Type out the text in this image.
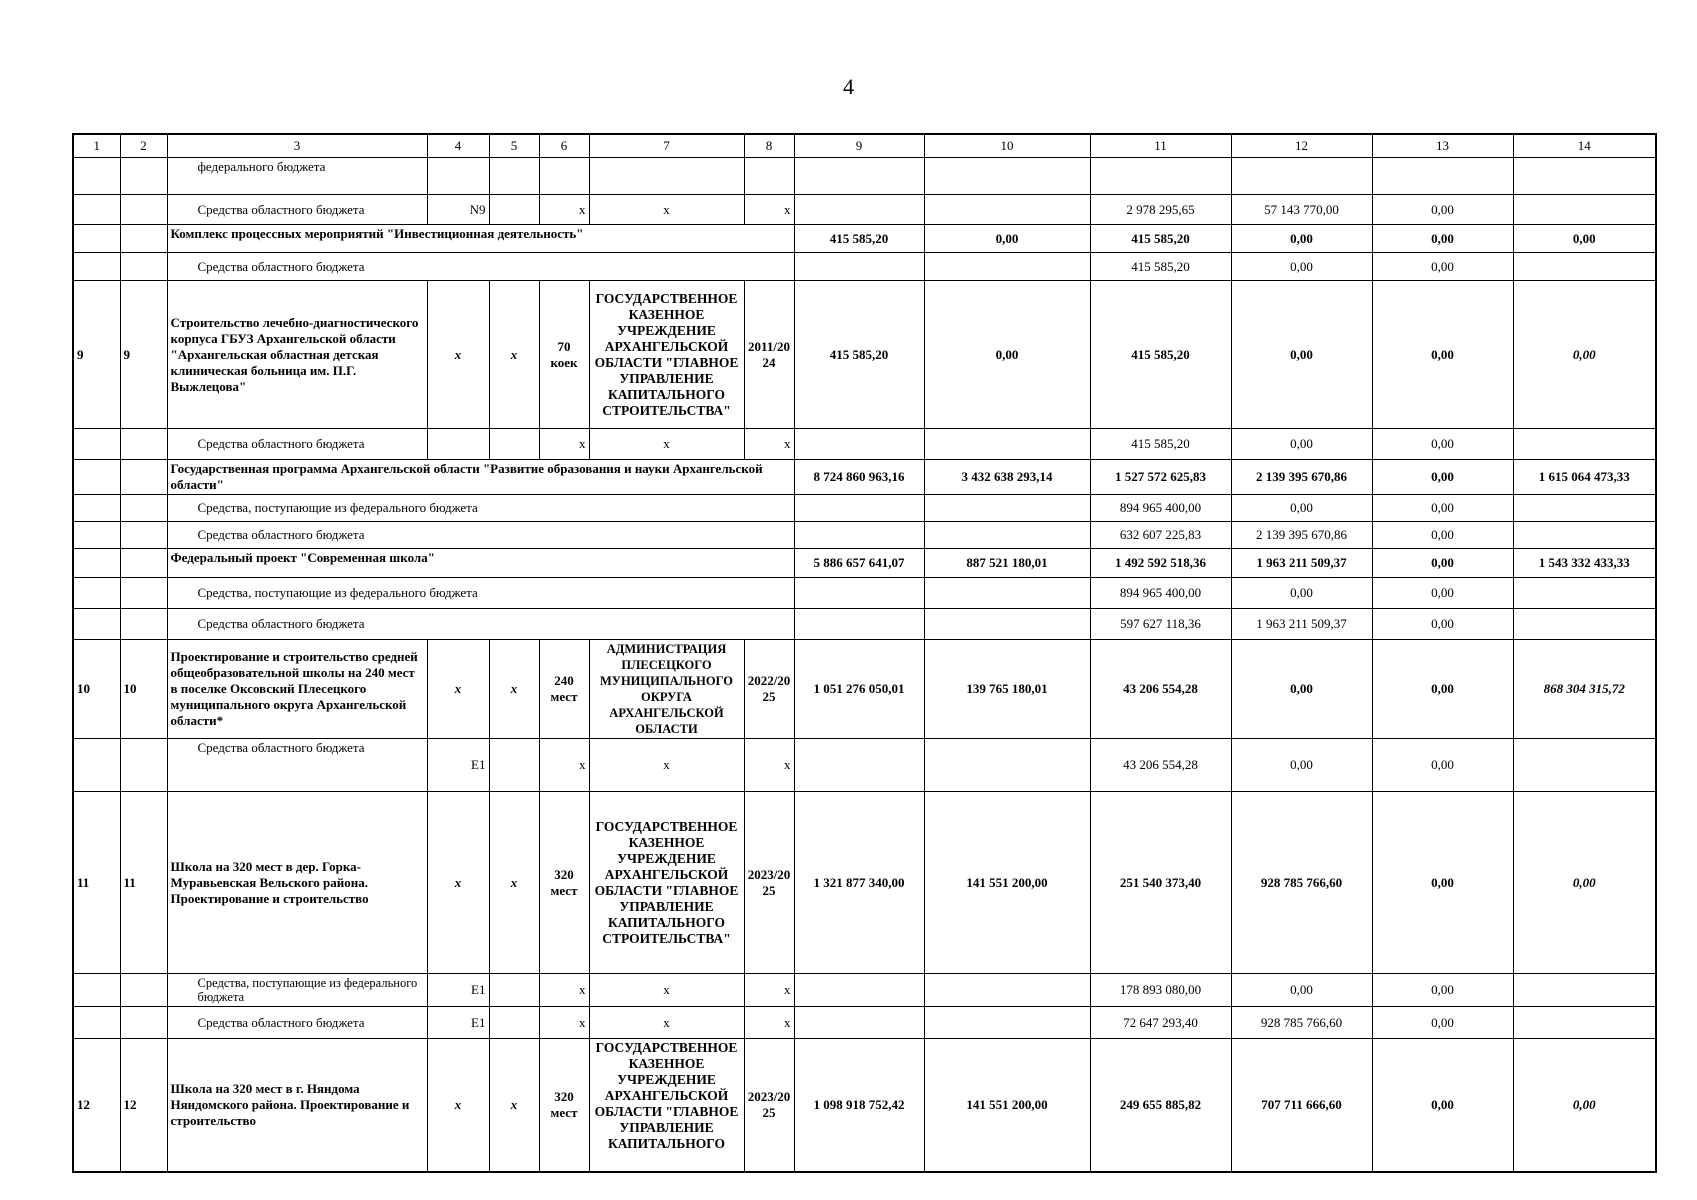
4
1	2	3	4	5	6	7	8	9	10	11	12	13	14
		федерального бюджета											
		Средства областного бюджета	N9		x	x	x			2 978 295,65	57 143 770,00	0,00	
		Комплекс процессных мероприятий "Инвестиционная деятельность"						415 585,20	0,00	415 585,20	0,00	0,00	0,00
		Средства областного бюджета								415 585,20	0,00	0,00	
9	9	Строительство лечебно-диагностического корпуса ГБУЗ Архангельской области "Архангельская областная детская клиническая больница им. П.Г. Выжлецова"	x	x	70 коек	ГОСУДАРСТВЕННОЕ КАЗЕННОЕ УЧРЕЖДЕНИЕ АРХАНГЕЛЬСКОЙ ОБЛАСТИ "ГЛАВНОЕ УПРАВЛЕНИЕ КАПИТАЛЬНОГО СТРОИТЕЛЬСТВА"	2011/2024	415 585,20	0,00	415 585,20	0,00	0,00	0,00
		Средства областного бюджета			x	x	x			415 585,20	0,00	0,00	
		Государственная программа Архангельской области "Развитие образования и науки Архангельской области"						8 724 860 963,16	3 432 638 293,14	1 527 572 625,83	2 139 395 670,86	0,00	1 615 064 473,33
		Средства, поступающие из федерального бюджета								894 965 400,00	0,00	0,00	
		Средства областного бюджета								632 607 225,83	2 139 395 670,86	0,00	
		Федеральный проект "Современная школа"						5 886 657 641,07	887 521 180,01	1 492 592 518,36	1 963 211 509,37	0,00	1 543 332 433,33
		Средства, поступающие из федерального бюджета								894 965 400,00	0,00	0,00	
		Средства областного бюджета								597 627 118,36	1 963 211 509,37	0,00	
10	10	Проектирование и строительство средней общеобразовательной школы на 240 мест в поселке Оксовский Плесецкого муниципального округа Архангельской области*	x	x	240 мест	АДМИНИСТРАЦИЯ ПЛЕСЕЦКОГО МУНИЦИПАЛЬНОГО ОКРУГА АРХАНГЕЛЬСКОЙ ОБЛАСТИ	2022/2025	1 051 276 050,01	139 765 180,01	43 206 554,28	0,00	0,00	868 304 315,72
		Средства областного бюджета	E1		x	x	x			43 206 554,28	0,00	0,00	
11	11	Школа на 320 мест в дер. Горка-Муравьевская Вельского района. Проектирование и строительство	x	x	320 мест	ГОСУДАРСТВЕННОЕ КАЗЕННОЕ УЧРЕЖДЕНИЕ АРХАНГЕЛЬСКОЙ ОБЛАСТИ "ГЛАВНОЕ УПРАВЛЕНИЕ КАПИТАЛЬНОГО СТРОИТЕЛЬСТВА"	2023/2025	1 321 877 340,00	141 551 200,00	251 540 373,40	928 785 766,60	0,00	0,00
		Средства, поступающие из федерального бюджета	E1		x	x	x			178 893 080,00	0,00	0,00	
		Средства областного бюджета	E1		x	x	x			72 647 293,40	928 785 766,60	0,00	
12	12	Школа на 320 мест в г. Няндома Няндомского района. Проектирование и строительство	x	x	320 мест	ГОСУДАРСТВЕННОЕ КАЗЕННОЕ УЧРЕЖДЕНИЕ АРХАНГЕЛЬСКОЙ ОБЛАСТИ "ГЛАВНОЕ УПРАВЛЕНИЕ КАПИТАЛЬНОГО	2023/2025	1 098 918 752,42	141 551 200,00	249 655 885,82	707 711 666,60	0,00	0,00
